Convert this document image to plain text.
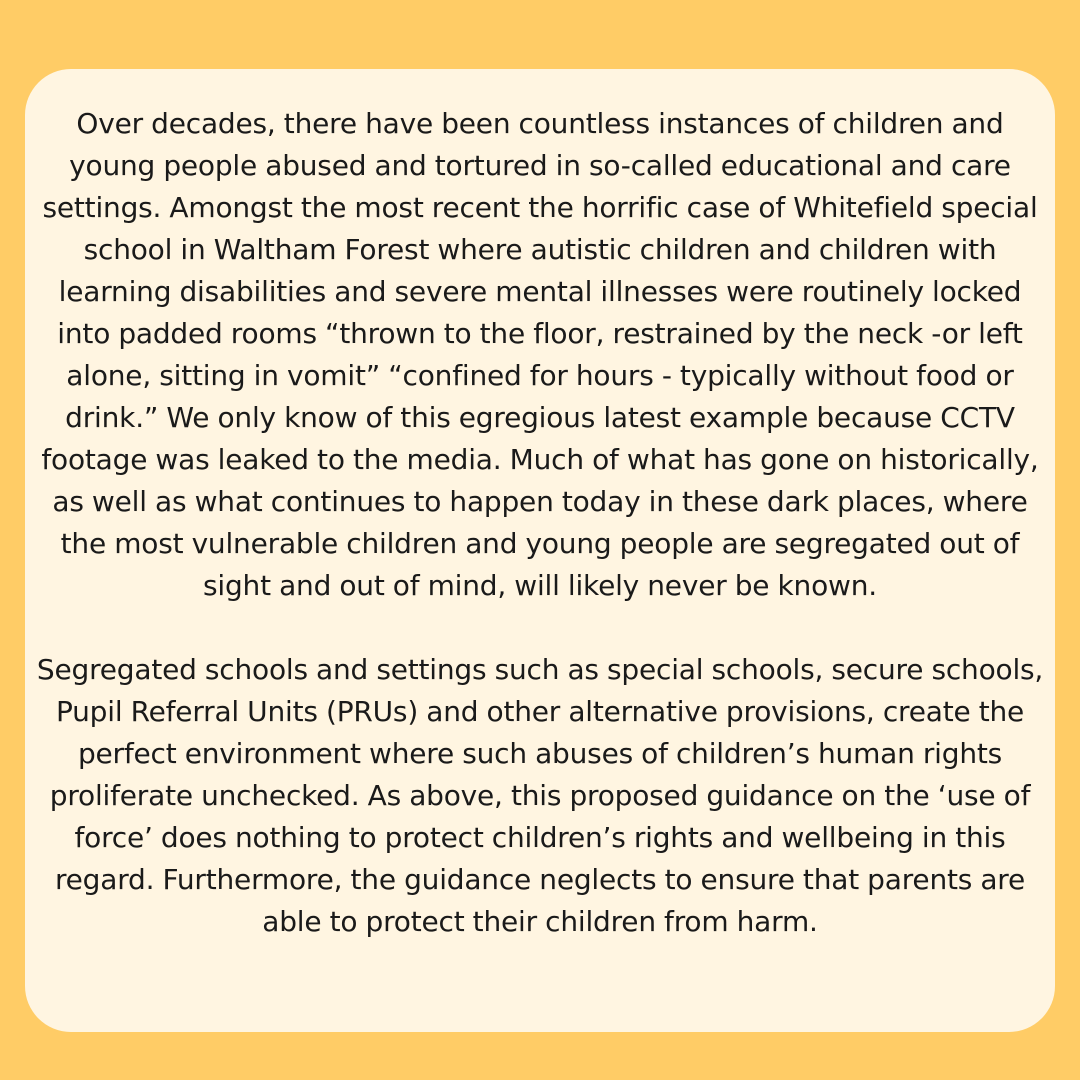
Over decades, there have been countless instances of children and young people abused and tortured in so-called educational and care settings. Amongst the most recent the horrific case of Whitefield special school in Waltham Forest where autistic children and children with learning disabilities and severe mental illnesses were routinely locked into padded rooms “thrown to the floor, restrained by the neck -or left alone, sitting in vomit” “confined for hours - typically without food or drink.” We only know of this egregious latest example because CCTV footage was leaked to the media. Much of what has gone on historically, as well as what continues to happen today in these dark places, where the most vulnerable children and young people are segregated out of sight and out of mind, will likely never be known.

Segregated schools and settings such as special schools, secure schools, Pupil Referral Units (PRUs) and other alternative provisions, create the perfect environment where such abuses of children’s human rights proliferate unchecked. As above, this proposed guidance on the ‘use of force’ does nothing to protect children’s rights and wellbeing in this regard. Furthermore, the guidance neglects to ensure that parents are able to protect their children from harm.
